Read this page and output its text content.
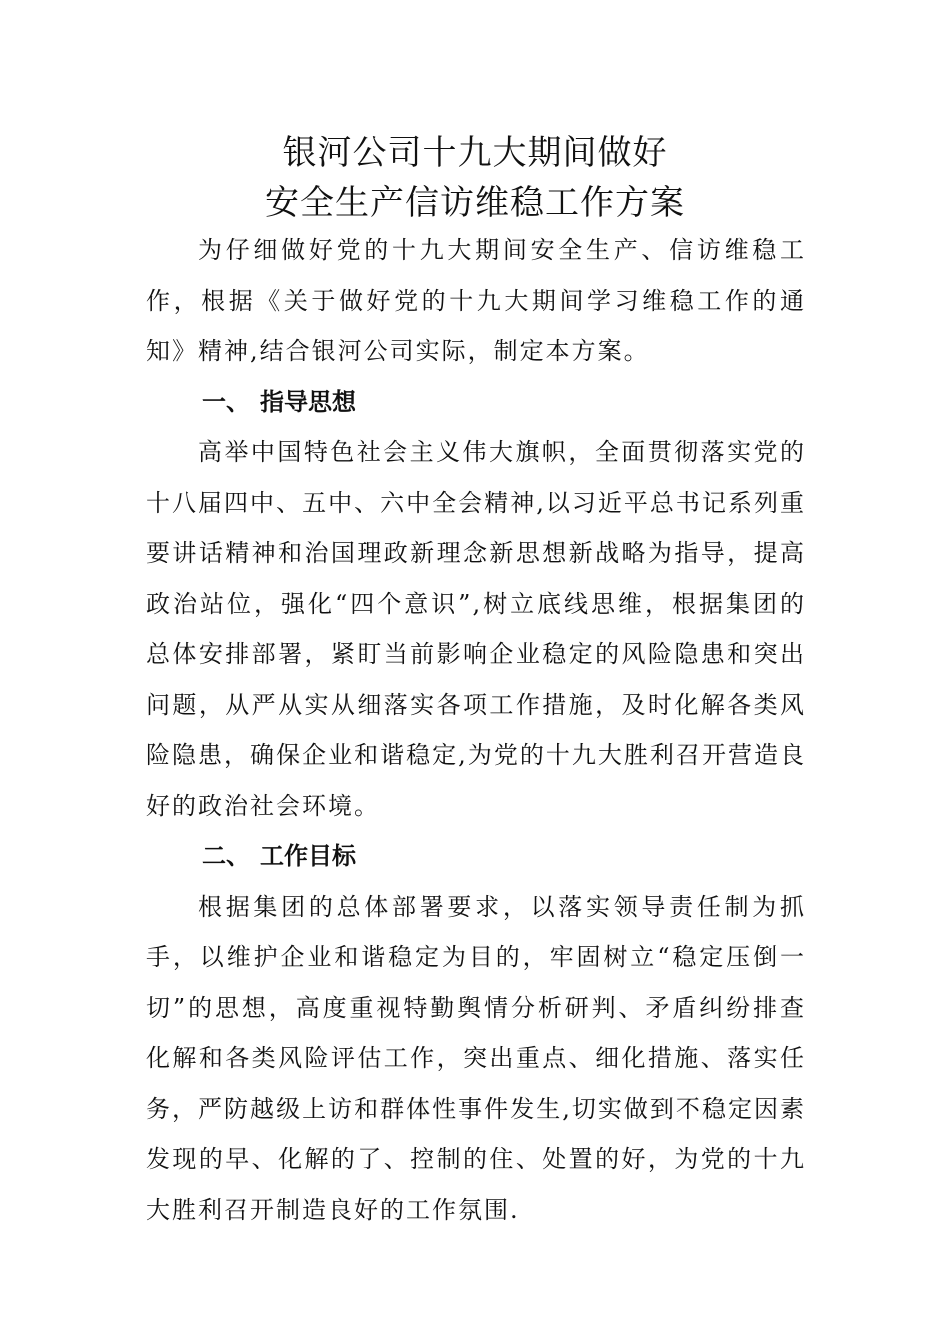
银河公司十九大期间做好
安全生产信访维稳工作方案

为仔细做好党的十九大期间安全生产、信访维稳工作，根据《关于做好党的十九大期间学习维稳工作的通知》精神,结合银河公司实际，制定本方案。

一、 指导思想

高举中国特色社会主义伟大旗帜，全面贯彻落实党的十八届四中、五中、六中全会精神,以习近平总书记系列重要讲话精神和治国理政新理念新思想新战略为指导，提高政治站位，强化“四个意识”,树立底线思维，根据集团的总体安排部署，紧盯当前影响企业稳定的风险隐患和突出问题，从严从实从细落实各项工作措施，及时化解各类风险隐患，确保企业和谐稳定,为党的十九大胜利召开营造良好的政治社会环境。

二、 工作目标

根据集团的总体部署要求，以落实领导责任制为抓手，以维护企业和谐稳定为目的，牢固树立“稳定压倒一切”的思想，高度重视特勤舆情分析研判、矛盾纠纷排查化解和各类风险评估工作，突出重点、细化措施、落实任务，严防越级上访和群体性事件发生,切实做到不稳定因素发现的早、化解的了、控制的住、处置的好，为党的十九大胜利召开制造良好的工作氛围.
